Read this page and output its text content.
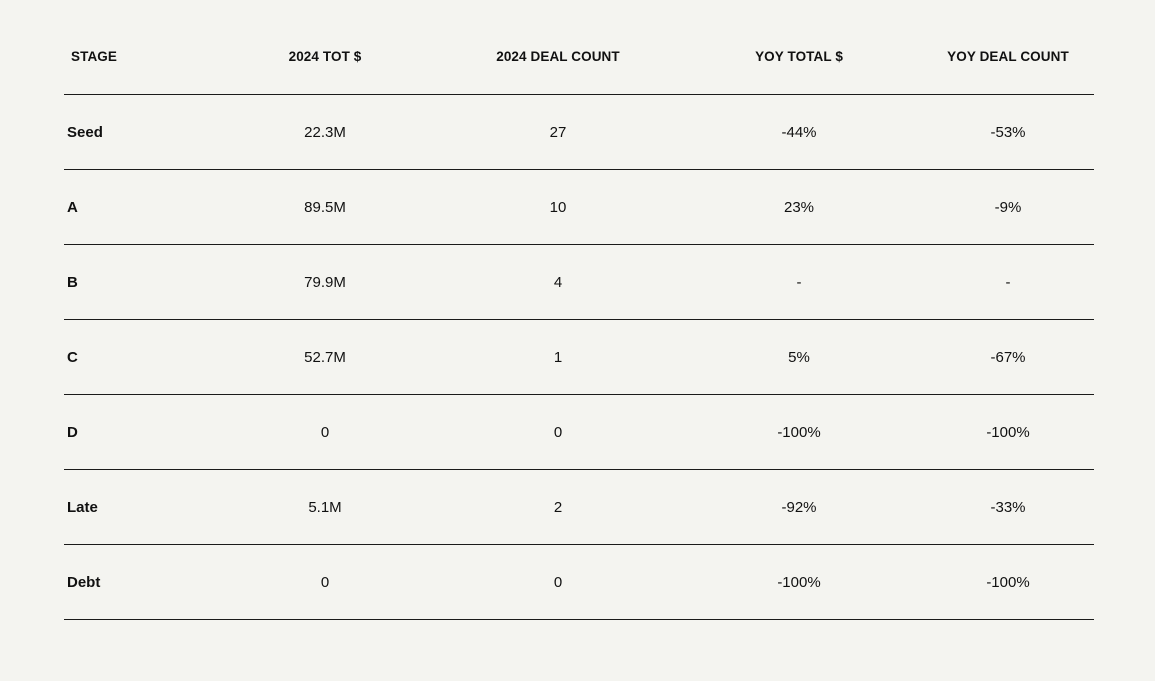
STAGE	2024 TOT $	2024 DEAL COUNT	YOY TOTAL $	YOY DEAL COUNT
Seed	22.3M	27	-44%	-53%
A	89.5M	10	23%	-9%
B	79.9M	4	-	-
C	52.7M	1	5%	-67%
D	0	0	-100%	-100%
Late	5.1M	2	-92%	-33%
Debt	0	0	-100%	-100%
